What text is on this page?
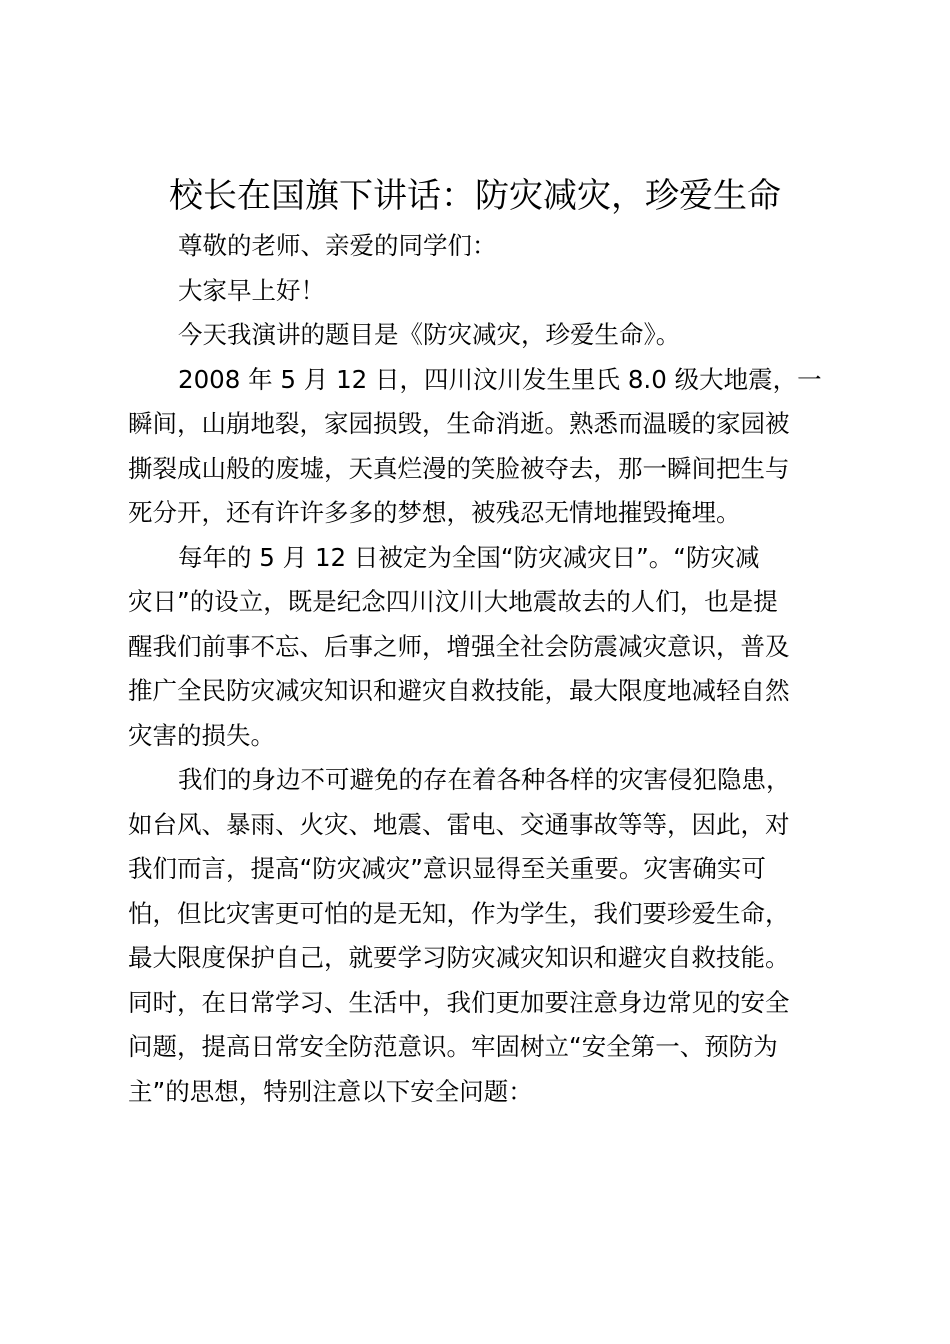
校长在国旗下讲话：防灾减灾，珍爱生命

尊敬的老师、亲爱的同学们：

大家早上好！

今天我演讲的题目是《防灾减灾，珍爱生命》。

2008 年 5 月 12 日，四川汶川发生里氏 8.0 级大地震，一
瞬间，山崩地裂，家园损毁，生命消逝。熟悉而温暖的家园被
撕裂成山般的废墟，天真烂漫的笑脸被夺去，那一瞬间把生与
死分开，还有许许多多的梦想，被残忍无情地摧毁掩埋。

每年的 5 月 12 日被定为全国“防灾减灾日”。“防灾减
灾日”的设立，既是纪念四川汶川大地震故去的人们，也是提
醒我们前事不忘、后事之师，增强全社会防震减灾意识，普及
推广全民防灾减灾知识和避灾自救技能，最大限度地减轻自然
灾害的损失。

我们的身边不可避免的存在着各种各样的灾害侵犯隐患，
如台风、暴雨、火灾、地震、雷电、交通事故等等，因此，对
我们而言，提高“防灾减灾”意识显得至关重要。灾害确实可
怕，但比灾害更可怕的是无知，作为学生，我们要珍爱生命，
最大限度保护自己，就要学习防灾减灾知识和避灾自救技能。
同时，在日常学习、生活中，我们更加要注意身边常见的安全
问题，提高日常安全防范意识。牢固树立“安全第一、预防为
主”的思想，特别注意以下安全问题：
